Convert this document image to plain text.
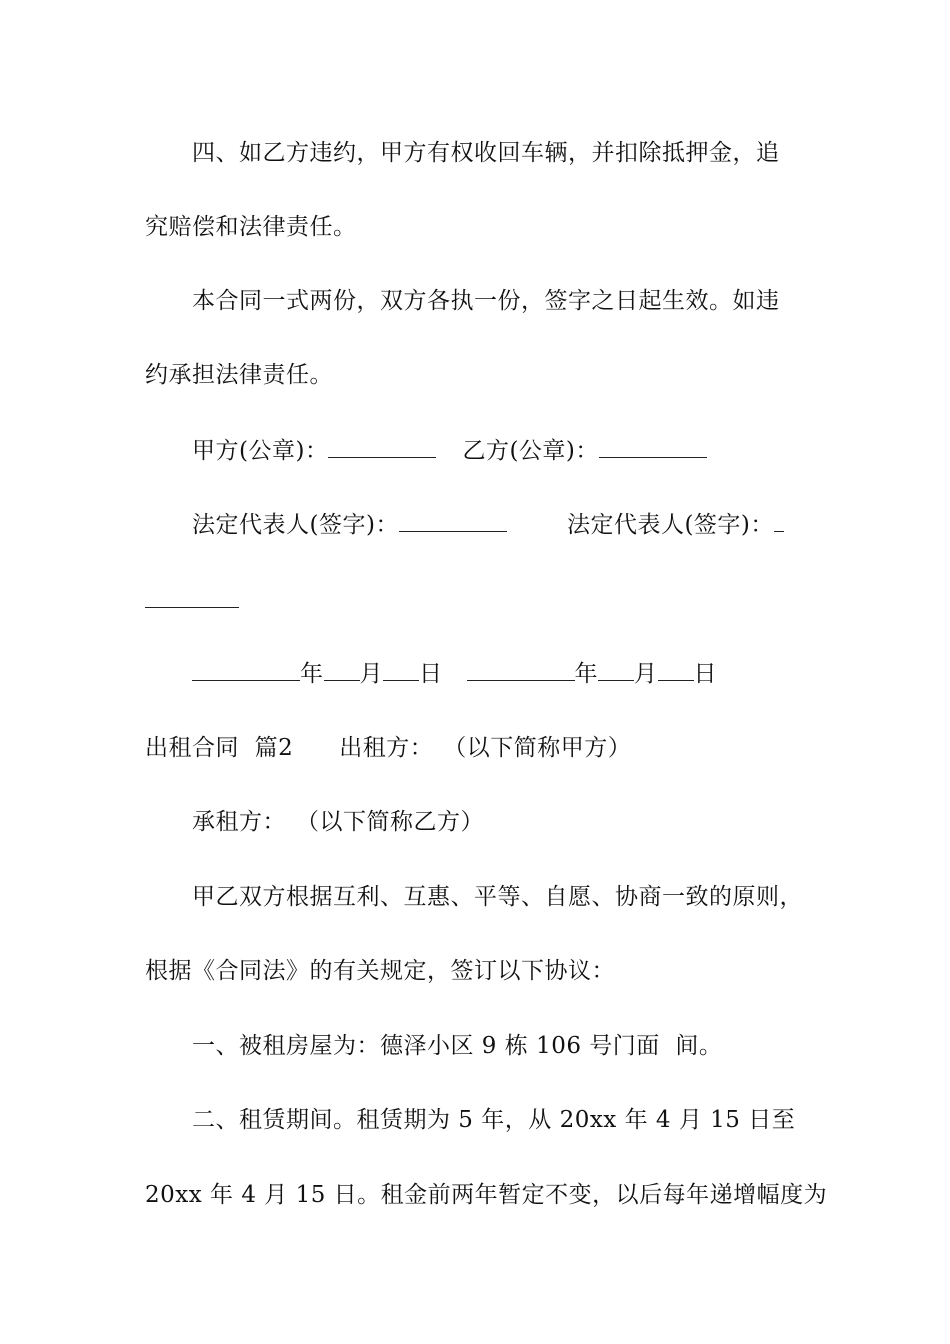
四、如乙方违约，甲方有权收回车辆，并扣除抵押金，追
究赔偿和法律责任。
本合同一式两份，双方各执一份，签字之日起生效。如违
约承担法律责任。
甲方(公章)：	乙方(公章)：
法定代表人(签字)：	法定代表人(签字)：
年 月 日	年 月 日
出租合同  篇2 出租方： （以下简称甲方）
承租方： （以下简称乙方）
甲乙双方根据互利、互惠、平等、自愿、协商一致的原则，
根据《合同法》的有关规定，签订以下协议：
一、被租房屋为：德泽小区 9 栋 106 号门面  间。
二、租赁期间。租赁期为 5 年，从 20xx 年 4 月 15 日至
20xx 年 4 月 15 日。租金前两年暂定不变，以后每年递增幅度为
